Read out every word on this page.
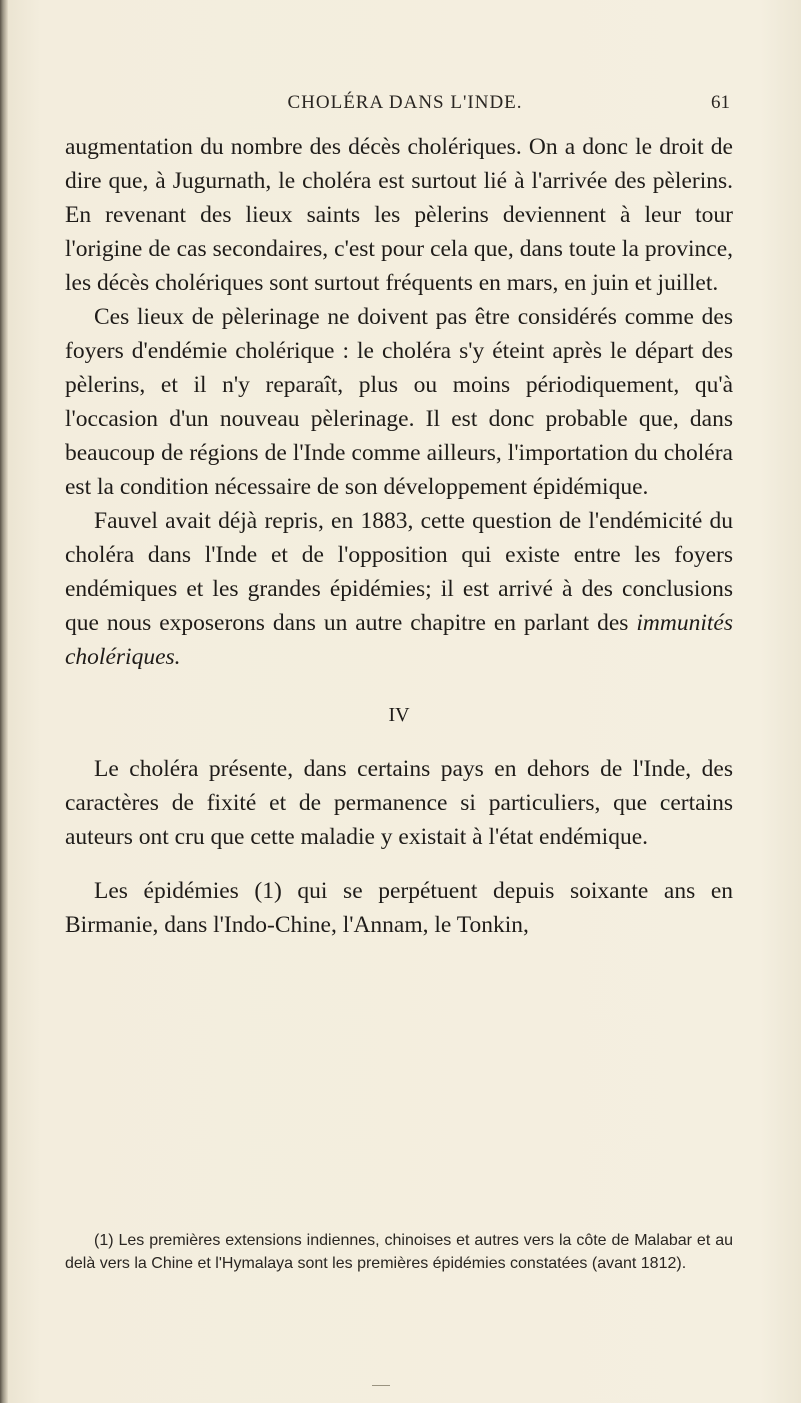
CHOLÉRA DANS L'INDE.	61

augmentation du nombre des décès cholériques. On a donc le droit de dire que, à Jugurnath, le choléra est surtout lié à l'arrivée des pèlerins. En revenant des lieux saints les pèlerins deviennent à leur tour l'origine de cas secondaires, c'est pour cela que, dans toute la province, les décès cholériques sont surtout fréquents en mars, en juin et juillet.

Ces lieux de pèlerinage ne doivent pas être considérés comme des foyers d'endémie cholérique : le choléra s'y éteint après le départ des pèlerins, et il n'y reparaît, plus ou moins périodiquement, qu'à l'occasion d'un nouveau pèlerinage. Il est donc probable que, dans beaucoup de régions de l'Inde comme ailleurs, l'importation du choléra est la condition nécessaire de son développement épidémique.

Fauvel avait déjà repris, en 1883, cette question de l'endémicité du choléra dans l'Inde et de l'opposition qui existe entre les foyers endémiques et les grandes épidémies; il est arrivé à des conclusions que nous exposerons dans un autre chapitre en parlant des immunités cholériques.

IV

Le choléra présente, dans certains pays en dehors de l'Inde, des caractères de fixité et de permanence si particuliers, que certains auteurs ont cru que cette maladie y existait à l'état endémique.

Les épidémies (1) qui se perpétuent depuis soixante ans en Birmanie, dans l'Indo-Chine, l'Annam, le Tonkin,

(1) Les premières extensions indiennes, chinoises et autres vers la côte de Malabar et au delà vers la Chine et l'Hymalaya sont les premières épidémies constatées (avant 1812).
